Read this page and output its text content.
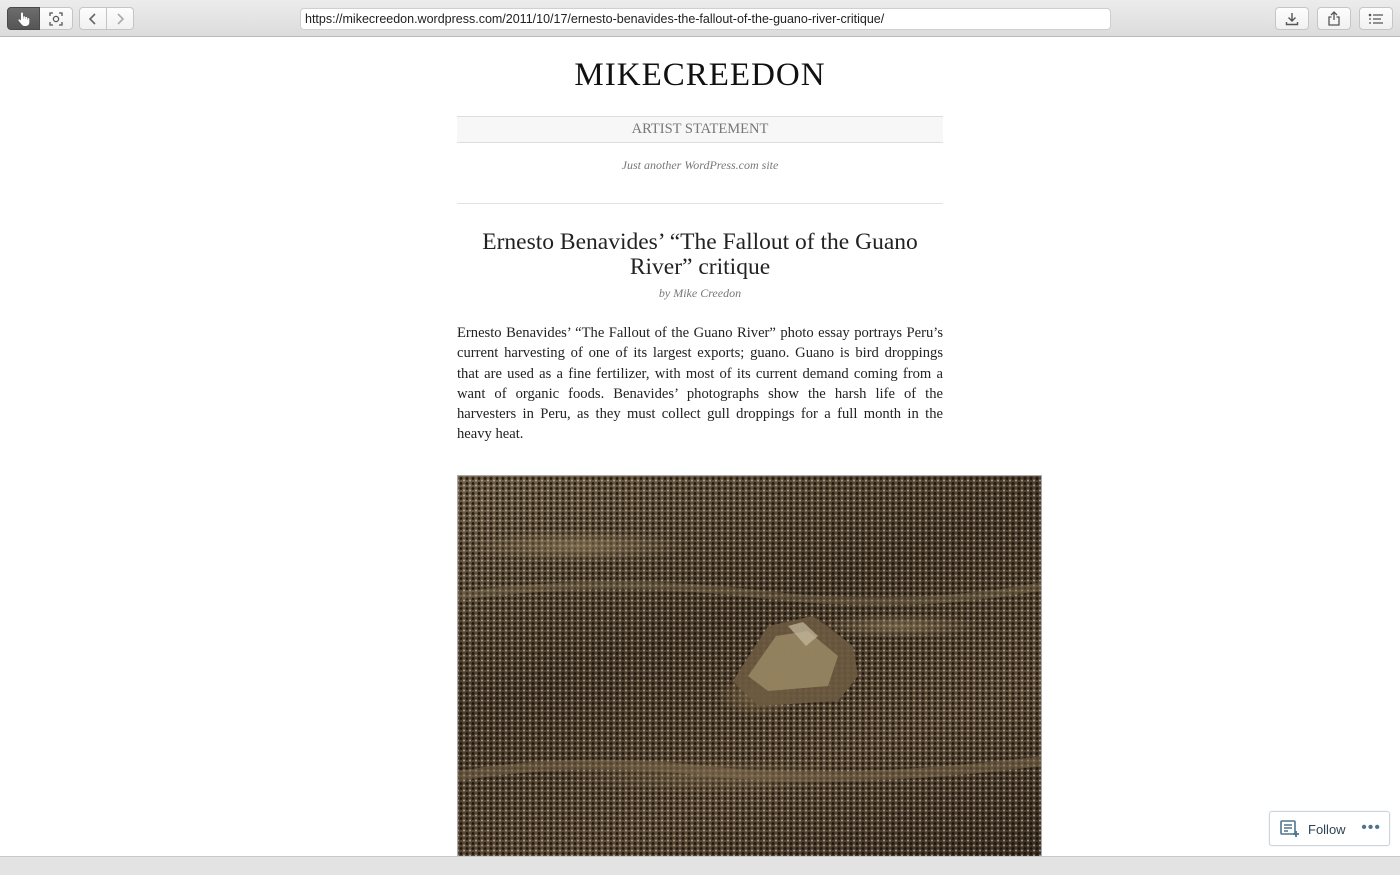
https://mikecreedon.wordpress.com/2011/10/17/ernesto-benavides-the-fallout-of-the-guano-river-critique/
MIKECREEDON
ARTIST STATEMENT
Just another WordPress.com site
Ernesto Benavides’ “The Fallout of the Guano River” critique
by Mike Creedon

Ernesto Benavides’ “The Fallout of the Guano River” photo essay portrays Peru’s current harvesting of one of its largest exports; guano. Guano is bird droppings that are used as a fine fertilizer, with most of its current demand coming from a want of organic foods. Benavides’ photographs show the harsh life of the harvesters in Peru, as they must collect gull droppings for a full month in the heavy heat.

Follow •••
